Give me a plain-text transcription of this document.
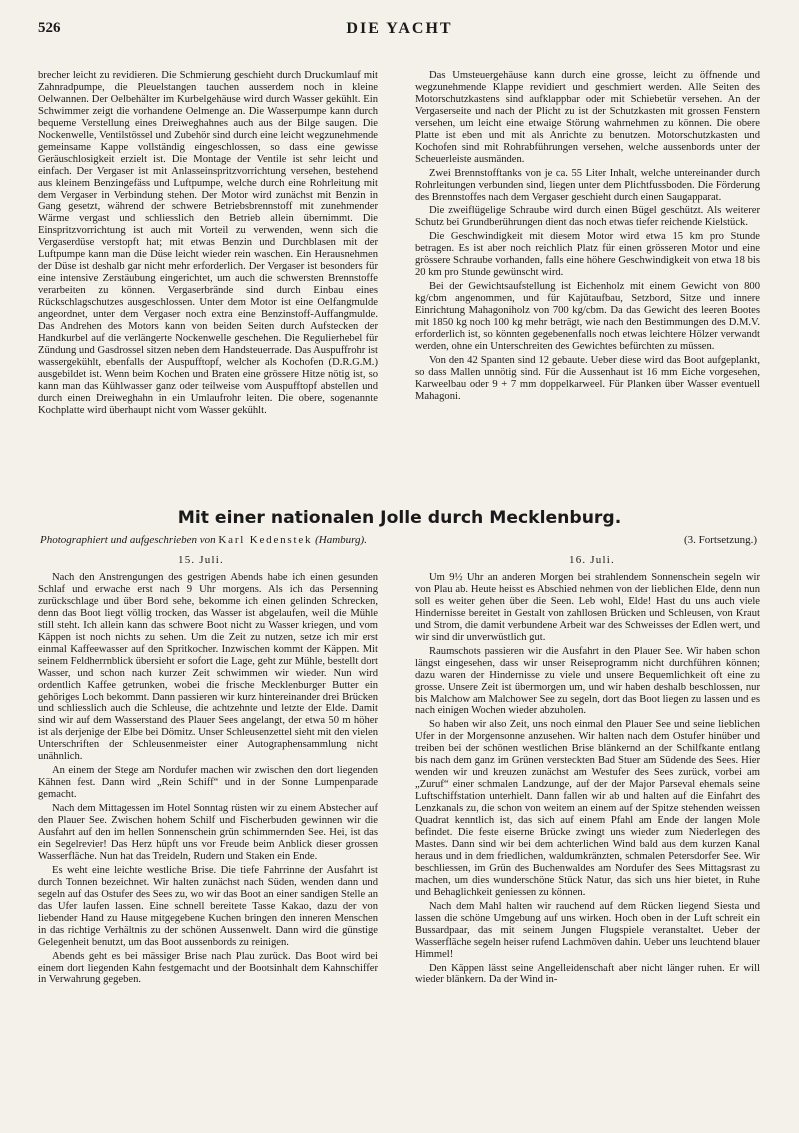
526	DIE YACHT

brecher leicht zu revidieren. Die Schmierung geschieht durch Druckumlauf mit Zahnradpumpe, die Pleuelstangen tauchen ausserdem noch in kleine Oelwannen. Der Oelbehälter im Kurbelgehäuse wird durch Wasser gekühlt. Ein Schwimmer zeigt die vorhandene Oelmenge an. Die Wasserpumpe kann durch bequeme Verstellung eines Dreiweghahnes auch aus der Bilge saugen. Die Nockenwelle, Ventilstössel und Zubehör sind durch eine leicht wegzunehmende gemeinsame Kappe vollständig eingeschlossen, so dass eine gewisse Geräuschlosigkeit erzielt ist. Die Montage der Ventile ist sehr leicht und einfach. Der Vergaser ist mit Anlasseinspritzvorrichtung versehen, bestehend aus kleinem Benzingefäss und Luftpumpe, welche durch eine Rohrleitung mit dem Vergaser in Verbindung stehen. Der Motor wird zunächst mit Benzin in Gang gesetzt, während der schwere Betriebsbrennstoff mit zunehmender Wärme vergast und schliesslich den Betrieb allein übernimmt. Die Einspritzvorrichtung ist auch mit Vorteil zu verwenden, wenn sich die Vergaserdüse verstopft hat; mit etwas Benzin und Durchblasen mit der Luftpumpe kann man die Düse leicht wieder rein waschen. Ein Herausnehmen der Düse ist deshalb gar nicht mehr erforderlich. Der Vergaser ist besonders für eine intensive Zerstäubung eingerichtet, um auch die schwersten Brennstoffe verarbeiten zu können. Vergaserbrände sind durch Einbau eines Rückschlagschutzes ausgeschlossen. Unter dem Motor ist eine Oelfangmulde angeordnet, unter dem Vergaser noch extra eine Benzinstoff-Auffangmulde. Das Andrehen des Motors kann von beiden Seiten durch Aufstecken der Handkurbel auf die verlängerte Nockenwelle geschehen. Die Regulierhebel für Zündung und Gasdrossel sitzen neben dem Handsteuerrade. Das Auspuffrohr ist wassergekühlt, ebenfalls der Auspufftopf, welcher als Kochofen (D.R.G.M.) ausgebildet ist. Wenn beim Kochen und Braten eine grössere Hitze nötig ist, so kann man das Kühlwasser ganz oder teilweise vom Auspufftopf abstellen und durch einen Dreiweghahn in ein Umlaufrohr leiten. Die obere, sogenannte Kochplatte wird überhaupt nicht vom Wasser gekühlt.

Das Umsteuergehäuse kann durch eine grosse, leicht zu öffnende und wegzunehmende Klappe revidiert und geschmiert werden. Alle Seiten des Motorschutzkastens sind aufklappbar oder mit Schiebetür versehen. An der Vergaserseite und nach der Plicht zu ist der Schutzkasten mit grossen Fenstern versehen, um leicht eine etwaige Störung wahrnehmen zu können. Die obere Platte ist eben und mit als Anrichte zu benutzen. Motorschutzkasten und Kochofen sind mit Rohrabführungen versehen, welche aussenbords unter der Scheuerleiste ausmänden.

Zwei Brennstofftanks von je ca. 55 Liter Inhalt, welche untereinander durch Rohrleitungen verbunden sind, liegen unter dem Plichtfussboden. Die Förderung des Brennstoffes nach dem Vergaser geschieht durch einen Saugapparat.

Die zweiflügelige Schraube wird durch einen Bügel geschützt. Als weiterer Schutz bei Grundberührungen dient das noch etwas tiefer reichende Kielstück.

Die Geschwindigkeit mit diesem Motor wird etwa 15 km pro Stunde betragen. Es ist aber noch reichlich Platz für einen grösseren Motor und eine grössere Schraube vorhanden, falls eine höhere Geschwindigkeit von etwa 18 bis 20 km pro Stunde gewünscht wird.

Bei der Gewichtsaufstellung ist Eichenholz mit einem Gewicht von 800 kg/cbm angenommen, und für Kajütaufbau, Setzbord, Sitze und innere Einrichtung Mahagoniholz von 700 kg/cbm. Da das Gewicht des leeren Bootes mit 1850 kg noch 100 kg mehr beträgt, wie nach den Bestimmungen des D.M.V. erforderlich ist, so könnten gegebenenfalls noch etwas leichtere Hölzer verwandt werden, ohne ein Unterschreiten des Gewichtes befürchten zu müssen.

Von den 42 Spanten sind 12 gebaute. Ueber diese wird das Boot aufgeplankt, so dass Mallen unnötig sind. Für die Aussenhaut ist 16 mm Eiche vorgesehen, Karweelbau oder 9 + 7 mm doppelkarweel. Für Planken über Wasser eventuell Mahagoni.

Mit einer nationalen Jolle durch Mecklenburg.
Photographiert und aufgeschrieben von Karl Kedenstek (Hamburg).	(3. Fortsetzung.)
15. Juli.	16. Juli.

Nach den Anstrengungen des gestrigen Abends habe ich einen gesunden Schlaf und erwache erst nach 9 Uhr morgens. Als ich das Persenning zurückschlage und über Bord sehe, bekomme ich einen gelinden Schrecken, denn das Boot liegt völlig trocken, das Wasser ist abgelaufen, weil die Mühle still steht. Ich allein kann das schwere Boot nicht zu Wasser kriegen, und vom Käppen ist noch nichts zu sehen. Um die Zeit zu nutzen, setze ich mir erst einmal Kaffeewasser auf den Spritkocher. Inzwischen kommt der Käppen. Mit seinem Feldherrnblick übersieht er sofort die Lage, geht zur Mühle, bestellt dort Wasser, und schon nach kurzer Zeit schwimmen wir wieder. Nun wird ordentlich Kaffee getrunken, wobei die frische Mecklenburger Butter ein gehöriges Loch bekommt. Dann passieren wir kurz hintereinander drei Brücken und schliesslich auch die Schleuse, die achtzehnte und letzte der Elde. Damit sind wir auf dem Wasserstand des Plauer Sees angelangt, der etwa 50 m höher ist als derjenige der Elbe bei Dömitz. Unser Schleusenzettel sieht mit den vielen Unterschriften der Schleusenmeister einer Autographensammlung nicht unähnlich.

An einem der Stege am Nordufer machen wir zwischen den dort liegenden Kähnen fest. Dann wird „Rein Schiff“ und in der Sonne Lumpenparade gemacht.

Nach dem Mittagessen im Hotel Sonntag rüsten wir zu einem Abstecher auf den Plauer See. Zwischen hohem Schilf und Fischerbuden gewinnen wir die Ausfahrt auf den im hellen Sonnenschein grün schimmernden See. Hei, ist das ein Segelrevier! Das Herz hüpft uns vor Freude beim Anblick dieser grossen Wasserfläche. Nun hat das Treideln, Rudern und Staken ein Ende.

Es weht eine leichte westliche Brise. Die tiefe Fahrrinne der Ausfahrt ist durch Tonnen bezeichnet. Wir halten zunächst nach Süden, wenden dann und segeln auf das Ostufer des Sees zu, wo wir das Boot an einer sandigen Stelle an das Ufer laufen lassen. Eine schnell bereitete Tasse Kakao, dazu der von liebender Hand zu Hause mitgegebene Kuchen bringen den inneren Menschen in das richtige Verhältnis zu der schönen Aussenwelt. Dann wird die günstige Gelegenheit benutzt, um das Boot aussenbords zu reinigen.

Abends geht es bei mässiger Brise nach Plau zurück. Das Boot wird bei einem dort liegenden Kahn festgemacht und der Bootsinhalt dem Kahnschiffer in Verwahrung gegeben.

Um 9½ Uhr an anderen Morgen bei strahlendem Sonnenschein segeln wir von Plau ab. Heute heisst es Abschied nehmen von der lieblichen Elde, denn nun soll es weiter gehen über die Seen. Leb wohl, Elde! Hast du uns auch viele Hindernisse bereitet in Gestalt von zahllosen Brücken und Schleusen, von Kraut und Strom, die damit verbundene Arbeit war des Schweisses der Edlen wert, und wir sind dir unverwüstlich gut.

Raumschots passieren wir die Ausfahrt in den Plauer See. Wir haben schon längst eingesehen, dass wir unser Reiseprogramm nicht durchführen können; dazu waren der Hindernisse zu viele und unsere Bequemlichkeit oft eine zu grosse. Unsere Zeit ist übermorgen um, und wir haben deshalb beschlossen, nur bis Malchow am Malchower See zu segeln, dort das Boot liegen zu lassen und es nach einigen Wochen wieder abzuholen.

So haben wir also Zeit, uns noch einmal den Plauer See und seine lieblichen Ufer in der Morgensonne anzusehen. Wir halten nach dem Ostufer hinüber und treiben bei der schönen westlichen Brise blänkernd an der Schilfkante entlang bis nach dem ganz im Grünen versteckten Bad Stuer am Südende des Sees. Hier wenden wir und kreuzen zunächst am Westufer des Sees zurück, vorbei am „Zuruf“ einer schmalen Landzunge, auf der der Major Parseval ehemals seine Luftschiffstation unterhielt. Dann fallen wir ab und halten auf die Einfahrt des Lenzkanals zu, die schon von weitem an einem auf der Spitze stehenden weissen Quadrat kenntlich ist, das sich auf einem Pfahl am Ende der langen Mole befindet. Die feste eiserne Brücke zwingt uns wieder zum Niederlegen des Mastes. Dann sind wir bei dem achterlichen Wind bald aus dem kurzen Kanal heraus und in dem friedlichen, waldumkränzten, schmalen Petersdorfer See. Wir beschliessen, im Grün des Buchenwaldes am Nordufer des Sees Mittagsrast zu machen, um dies wunderschöne Stück Natur, das sich uns hier bietet, in Ruhe und Behaglichkeit geniessen zu können.

Nach dem Mahl halten wir rauchend auf dem Rücken liegend Siesta und lassen die schöne Umgebung auf uns wirken. Hoch oben in der Luft schreit ein Bussardpaar, das mit seinem Jungen Flugspiele veranstaltet. Ueber der Wasserfläche segeln heiser rufend Lachmöven dahin. Ueber uns leuchtend blauer Himmel!

Den Käppen lässt seine Angelleidenschaft aber nicht länger ruhen. Er will wieder blänkern. Da der Wind in-
